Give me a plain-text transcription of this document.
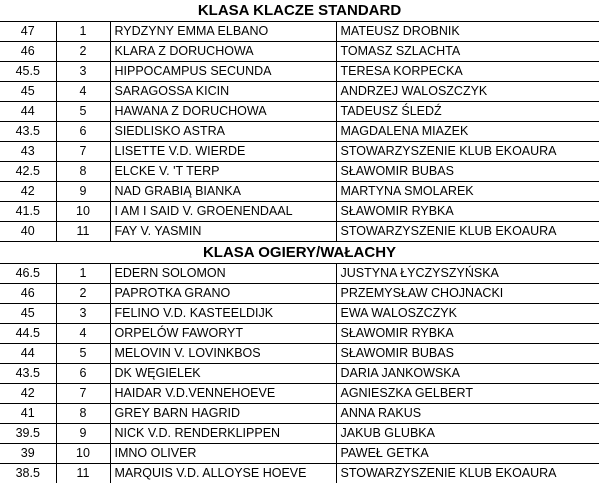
KLASA KLACZE STANDARD			
47	1	RYDZYNY EMMA ELBANO	MATEUSZ DROBNIK
46	2	KLARA Z DORUCHOWA	TOMASZ SZLACHTA
45.5	3	HIPPOCAMPUS SECUNDA	TERESA KORPECKA
45	4	SARAGOSSA KICIN	ANDRZEJ WALOSZCZYK
44	5	HAWANA Z DORUCHOWA	TADEUSZ ŚLEDŹ
43.5	6	SIEDLISKO ASTRA	MAGDALENA MIAZEK
43	7	LISETTE V.D. WIERDE	STOWARZYSZENIE KLUB EKOAURA
42.5	8	ELCKE V. 'T TERP	SŁAWOMIR BUBAS
42	9	NAD GRABIĄ BIANKA	MARTYNA SMOLAREK
41.5	10	I AM I SAID V. GROENENDAAL	SŁAWOMIR RYBKA
40	11	FAY V. YASMIN	STOWARZYSZENIE KLUB EKOAURA
KLASA OGIERY/WAŁACHY			
46.5	1	EDERN SOLOMON	JUSTYNA ŁYCZYSZYŃSKA
46	2	PAPROTKA GRANO	PRZEMYSŁAW CHOJNACKI
45	3	FELINO V.D. KASTEELDIJK	EWA WALOSZCZYK
44.5	4	ORPELÓW FAWORYT	SŁAWOMIR RYBKA
44	5	MELOVIN V. LOVINKBOS	SŁAWOMIR BUBAS
43.5	6	DK WĘGIELEK	DARIA JANKOWSKA
42	7	HAIDAR V.D.VENNEHOEVE	AGNIESZKA GELBERT
41	8	GREY BARN HAGRID	ANNA RAKUS
39.5	9	NICK V.D. RENDERKLIPPEN	JAKUB GLUBKA
39	10	IMNO OLIVER	PAWEŁ GETKA
38.5	11	MARQUIS V.D. ALLOYSE HOEVE	STOWARZYSZENIE KLUB EKOAURA
